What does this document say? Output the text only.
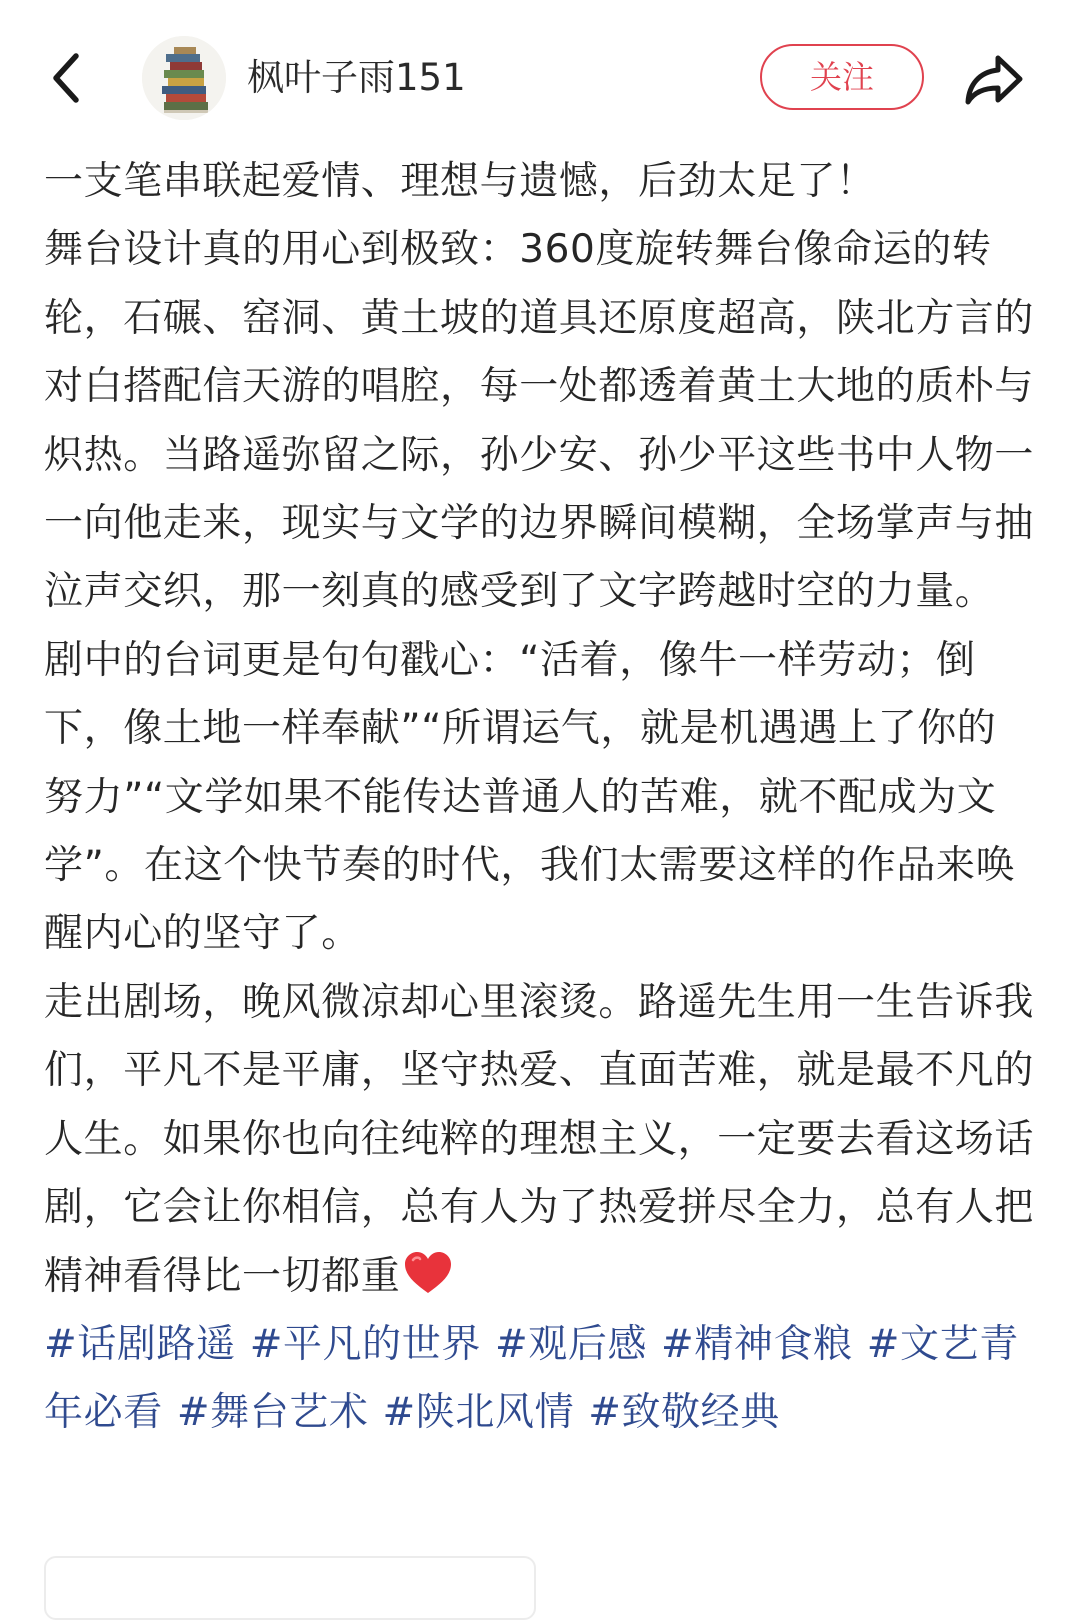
枫叶子雨151	关注

一支笔串联起爱情、理想与遗憾，后劲太足了！

舞台设计真的用心到极致：360度旋转舞台像命运的转轮，石碾、窑洞、黄土坡的道具还原度超高，陕北方言的对白搭配信天游的唱腔，每一处都透着黄土大地的质朴与炽热。当路遥弥留之际，孙少安、孙少平这些书中人物一一向他走来，现实与文学的边界瞬间模糊，全场掌声与抽泣声交织，那一刻真的感受到了文字跨越时空的力量。

剧中的台词更是句句戳心：“活着，像牛一样劳动；倒下，像土地一样奉献”“所谓运气，就是机遇遇上了你的努力”“文学如果不能传达普通人的苦难，就不配成为文学”。在这个快节奏的时代，我们太需要这样的作品来唤醒内心的坚守了。

走出剧场，晚风微凉却心里滚烫。路遥先生用一生告诉我们，平凡不是平庸，坚守热爱、直面苦难，就是最不凡的人生。如果你也向往纯粹的理想主义，一定要去看这场话剧，它会让你相信，总有人为了热爱拼尽全力，总有人把精神看得比一切都重

#话剧路遥 #平凡的世界 #观后感 #精神食粮 #文艺青年必看 #舞台艺术 #陕北风情 #致敬经典
